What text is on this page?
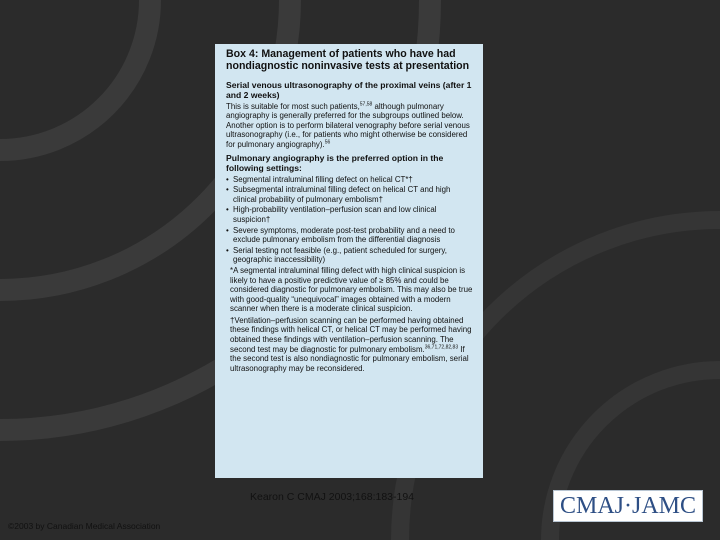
Box 4: Management of patients who have had nondiagnostic noninvasive tests at presentation
Serial venous ultrasonography of the proximal veins (after 1 and 2 weeks)
This is suitable for most such patients,$^{57,58}$ although pulmonary angiography is generally preferred for the subgroups outlined below. Another option is to perform bilateral venography before serial venous ultrasonography (i.e., for patients who might otherwise be considered for pulmonary angiography).$^{56}$
Pulmonary angiography is the preferred option in the following settings:
• Segmental intraluminal filling defect on helical CT*†
• Subsegmental intraluminal filling defect on helical CT and high clinical probability of pulmonary embolism†
• High-probability ventilation–perfusion scan and low clinical suspicion†
• Severe symptoms, moderate post-test probability and a need to exclude pulmonary embolism from the differential diagnosis
• Serial testing not feasible (e.g., patient scheduled for surgery, geographic inaccessibility)
*A segmental intraluminal filling defect with high clinical suspicion is likely to have a positive predictive value of ≥ 85% and could be considered diagnostic for pulmonary embolism. This may also be true with good-quality “unequivocal” images obtained with a modern scanner when there is a moderate clinical suspicion.
†Ventilation–perfusion scanning can be performed having obtained these findings with helical CT, or helical CT may be performed having obtained these findings with ventilation–perfusion scanning. The second test may be diagnostic for pulmonary embolism.$^{36,71,72,82,83}$ If the second test is also nondiagnostic for pulmonary embolism, serial ultrasonography may be reconsidered.
Kearon C CMAJ 2003;168:183-194
©2003 by Canadian Medical Association
CMAJ·JAMC
